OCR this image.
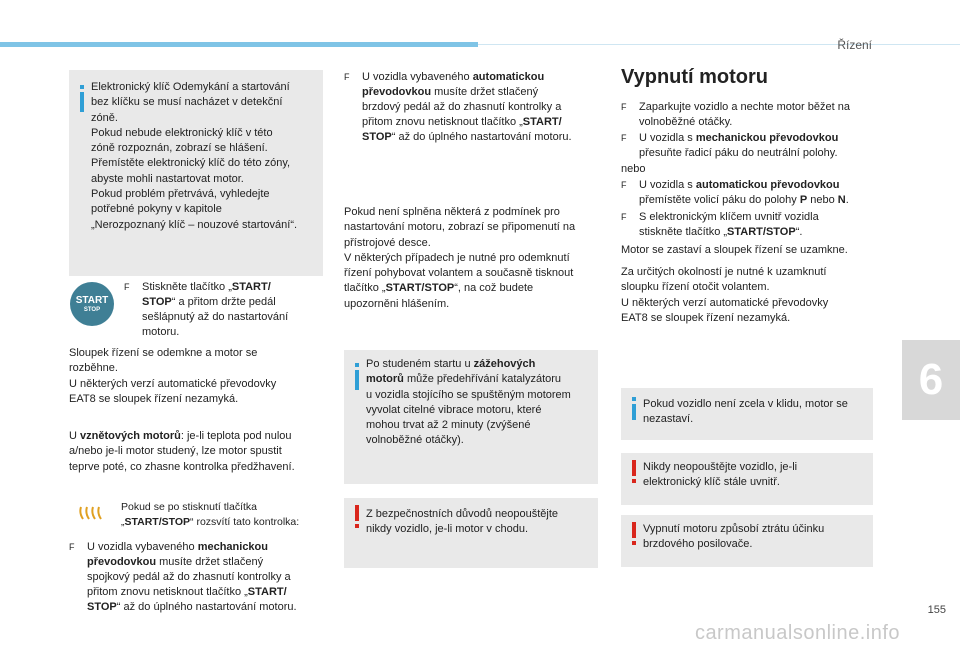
Řízení
6
155
carmanualsonline.info
Elektronický klíč Odemykání a startování
bez klíčku se musí nacházet v detekční
zóně.
Pokud nebude elektronický klíč v této
zóně rozpoznán, zobrazí se hlášení.
Přemístěte elektronický klíč do této zóny,
abyste mohli nastartovat motor.
Pokud problém přetrvává, vyhledejte
potřebné pokyny v kapitole
„Nerozpoznaný klíč – nouzové startování“.
START
STOP
F	Stiskněte tlačítko „START/
STOP“ a přitom držte pedál
sešlápnutý až do nastartování
motoru.
Sloupek řízení se odemkne a motor se
rozběhne.
U některých verzí automatické převodovky
EAT8 se sloupek řízení nezamyká.
U vznětových motorů: je-li teplota pod nulou
a/nebo je-li motor studený, lze motor spustit
teprve poté, co zhasne kontrolka předžhavení.
Pokud se po stisknutí tlačítka
„START/STOP“ rozsvítí tato kontrolka:
F	U vozidla vybaveného mechanickou
převodovkou musíte držet stlačený
spojkový pedál až do zhasnutí kontrolky a
přitom znovu netisknout tlačítko „START/
STOP“ až do úplného nastartování motoru.
F	U vozidla vybaveného automatickou
převodovkou musíte držet stlačený
brzdový pedál až do zhasnutí kontrolky a
přitom znovu netisknout tlačítko „START/
STOP“ až do úplného nastartování motoru.
Pokud není splněna některá z podmínek pro
nastartování motoru, zobrazí se připomenutí na
přístrojové desce.
V některých případech je nutné pro odemknutí
řízení pohybovat volantem a současně tisknout
tlačítko „START/STOP“, na což budete
upozorněni hlášením.
Po studeném startu u zážehových
motorů může předehřívání katalyzátoru
u vozidla stojícího se spuštěným motorem
vyvolat citelné vibrace motoru, které
mohou trvat až 2 minuty (zvýšené
volnoběžné otáčky).
Z bezpečnostních důvodů neopouštějte
nikdy vozidlo, je-li motor v chodu.
Vypnutí motoru
F	Zaparkujte vozidlo a nechte motor běžet na
volnoběžné otáčky.
F	U vozidla s mechanickou převodovkou
přesuňte řadicí páku do neutrální polohy.
nebo
F	U vozidla s automatickou převodovkou
přemístěte volicí páku do polohy P nebo N.
F	S elektronickým klíčem uvnitř vozidla
stiskněte tlačítko „START/STOP“.
Motor se zastaví a sloupek řízení se uzamkne.
Za určitých okolností je nutné k uzamknutí
sloupku řízení otočit volantem.
U některých verzí automatické převodovky
EAT8 se sloupek řízení nezamyká.
Pokud vozidlo není zcela v klidu, motor se
nezastaví.
Nikdy neopouštějte vozidlo, je-li
elektronický klíč stále uvnitř.
Vypnutí motoru způsobí ztrátu účinku
brzdového posilovače.
